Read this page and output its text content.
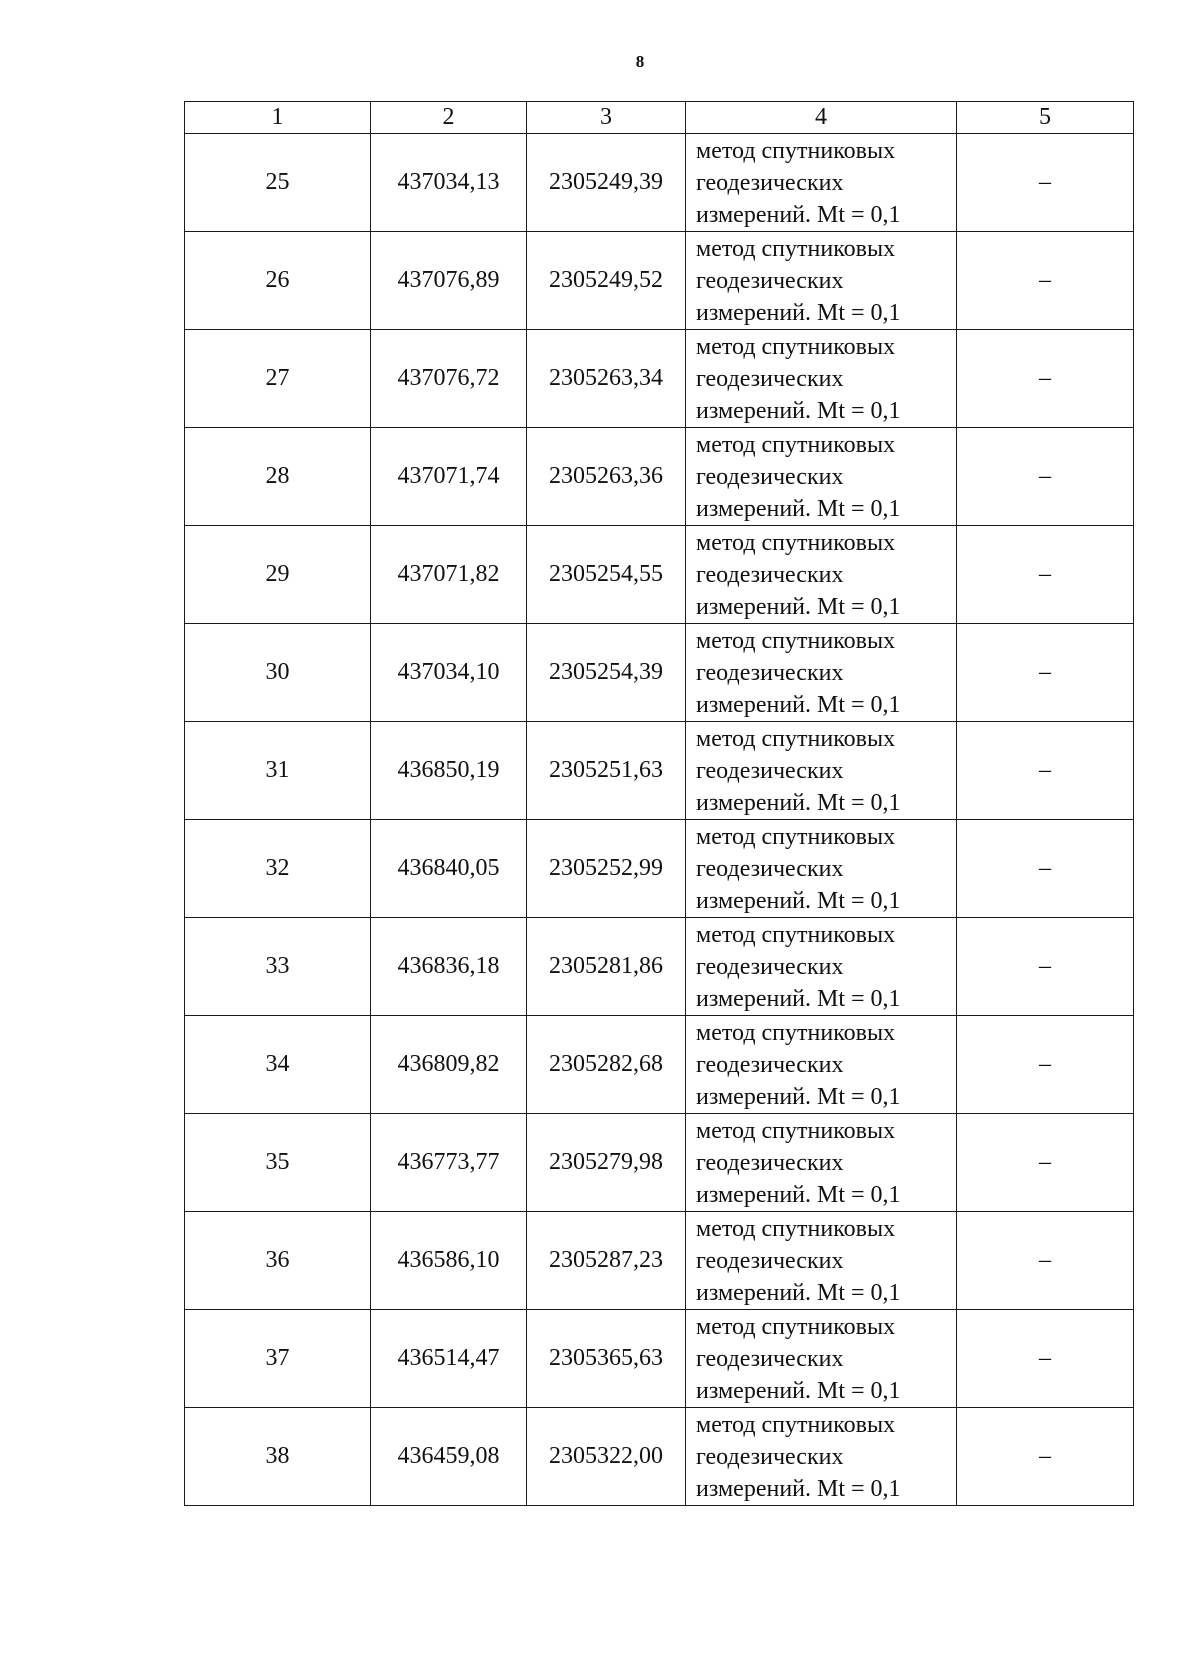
8
1	2	3	4	5
25	437034,13	2305249,39	метод спутниковых
геодезических
измерений. Mt = 0,1	–
26	437076,89	2305249,52	метод спутниковых
геодезических
измерений. Mt = 0,1	–
27	437076,72	2305263,34	метод спутниковых
геодезических
измерений. Mt = 0,1	–
28	437071,74	2305263,36	метод спутниковых
геодезических
измерений. Mt = 0,1	–
29	437071,82	2305254,55	метод спутниковых
геодезических
измерений. Mt = 0,1	–
30	437034,10	2305254,39	метод спутниковых
геодезических
измерений. Mt = 0,1	–
31	436850,19	2305251,63	метод спутниковых
геодезических
измерений. Mt = 0,1	–
32	436840,05	2305252,99	метод спутниковых
геодезических
измерений. Mt = 0,1	–
33	436836,18	2305281,86	метод спутниковых
геодезических
измерений. Mt = 0,1	–
34	436809,82	2305282,68	метод спутниковых
геодезических
измерений. Mt = 0,1	–
35	436773,77	2305279,98	метод спутниковых
геодезических
измерений. Mt = 0,1	–
36	436586,10	2305287,23	метод спутниковых
геодезических
измерений. Mt = 0,1	–
37	436514,47	2305365,63	метод спутниковых
геодезических
измерений. Mt = 0,1	–
38	436459,08	2305322,00	метод спутниковых
геодезических
измерений. Mt = 0,1	–
